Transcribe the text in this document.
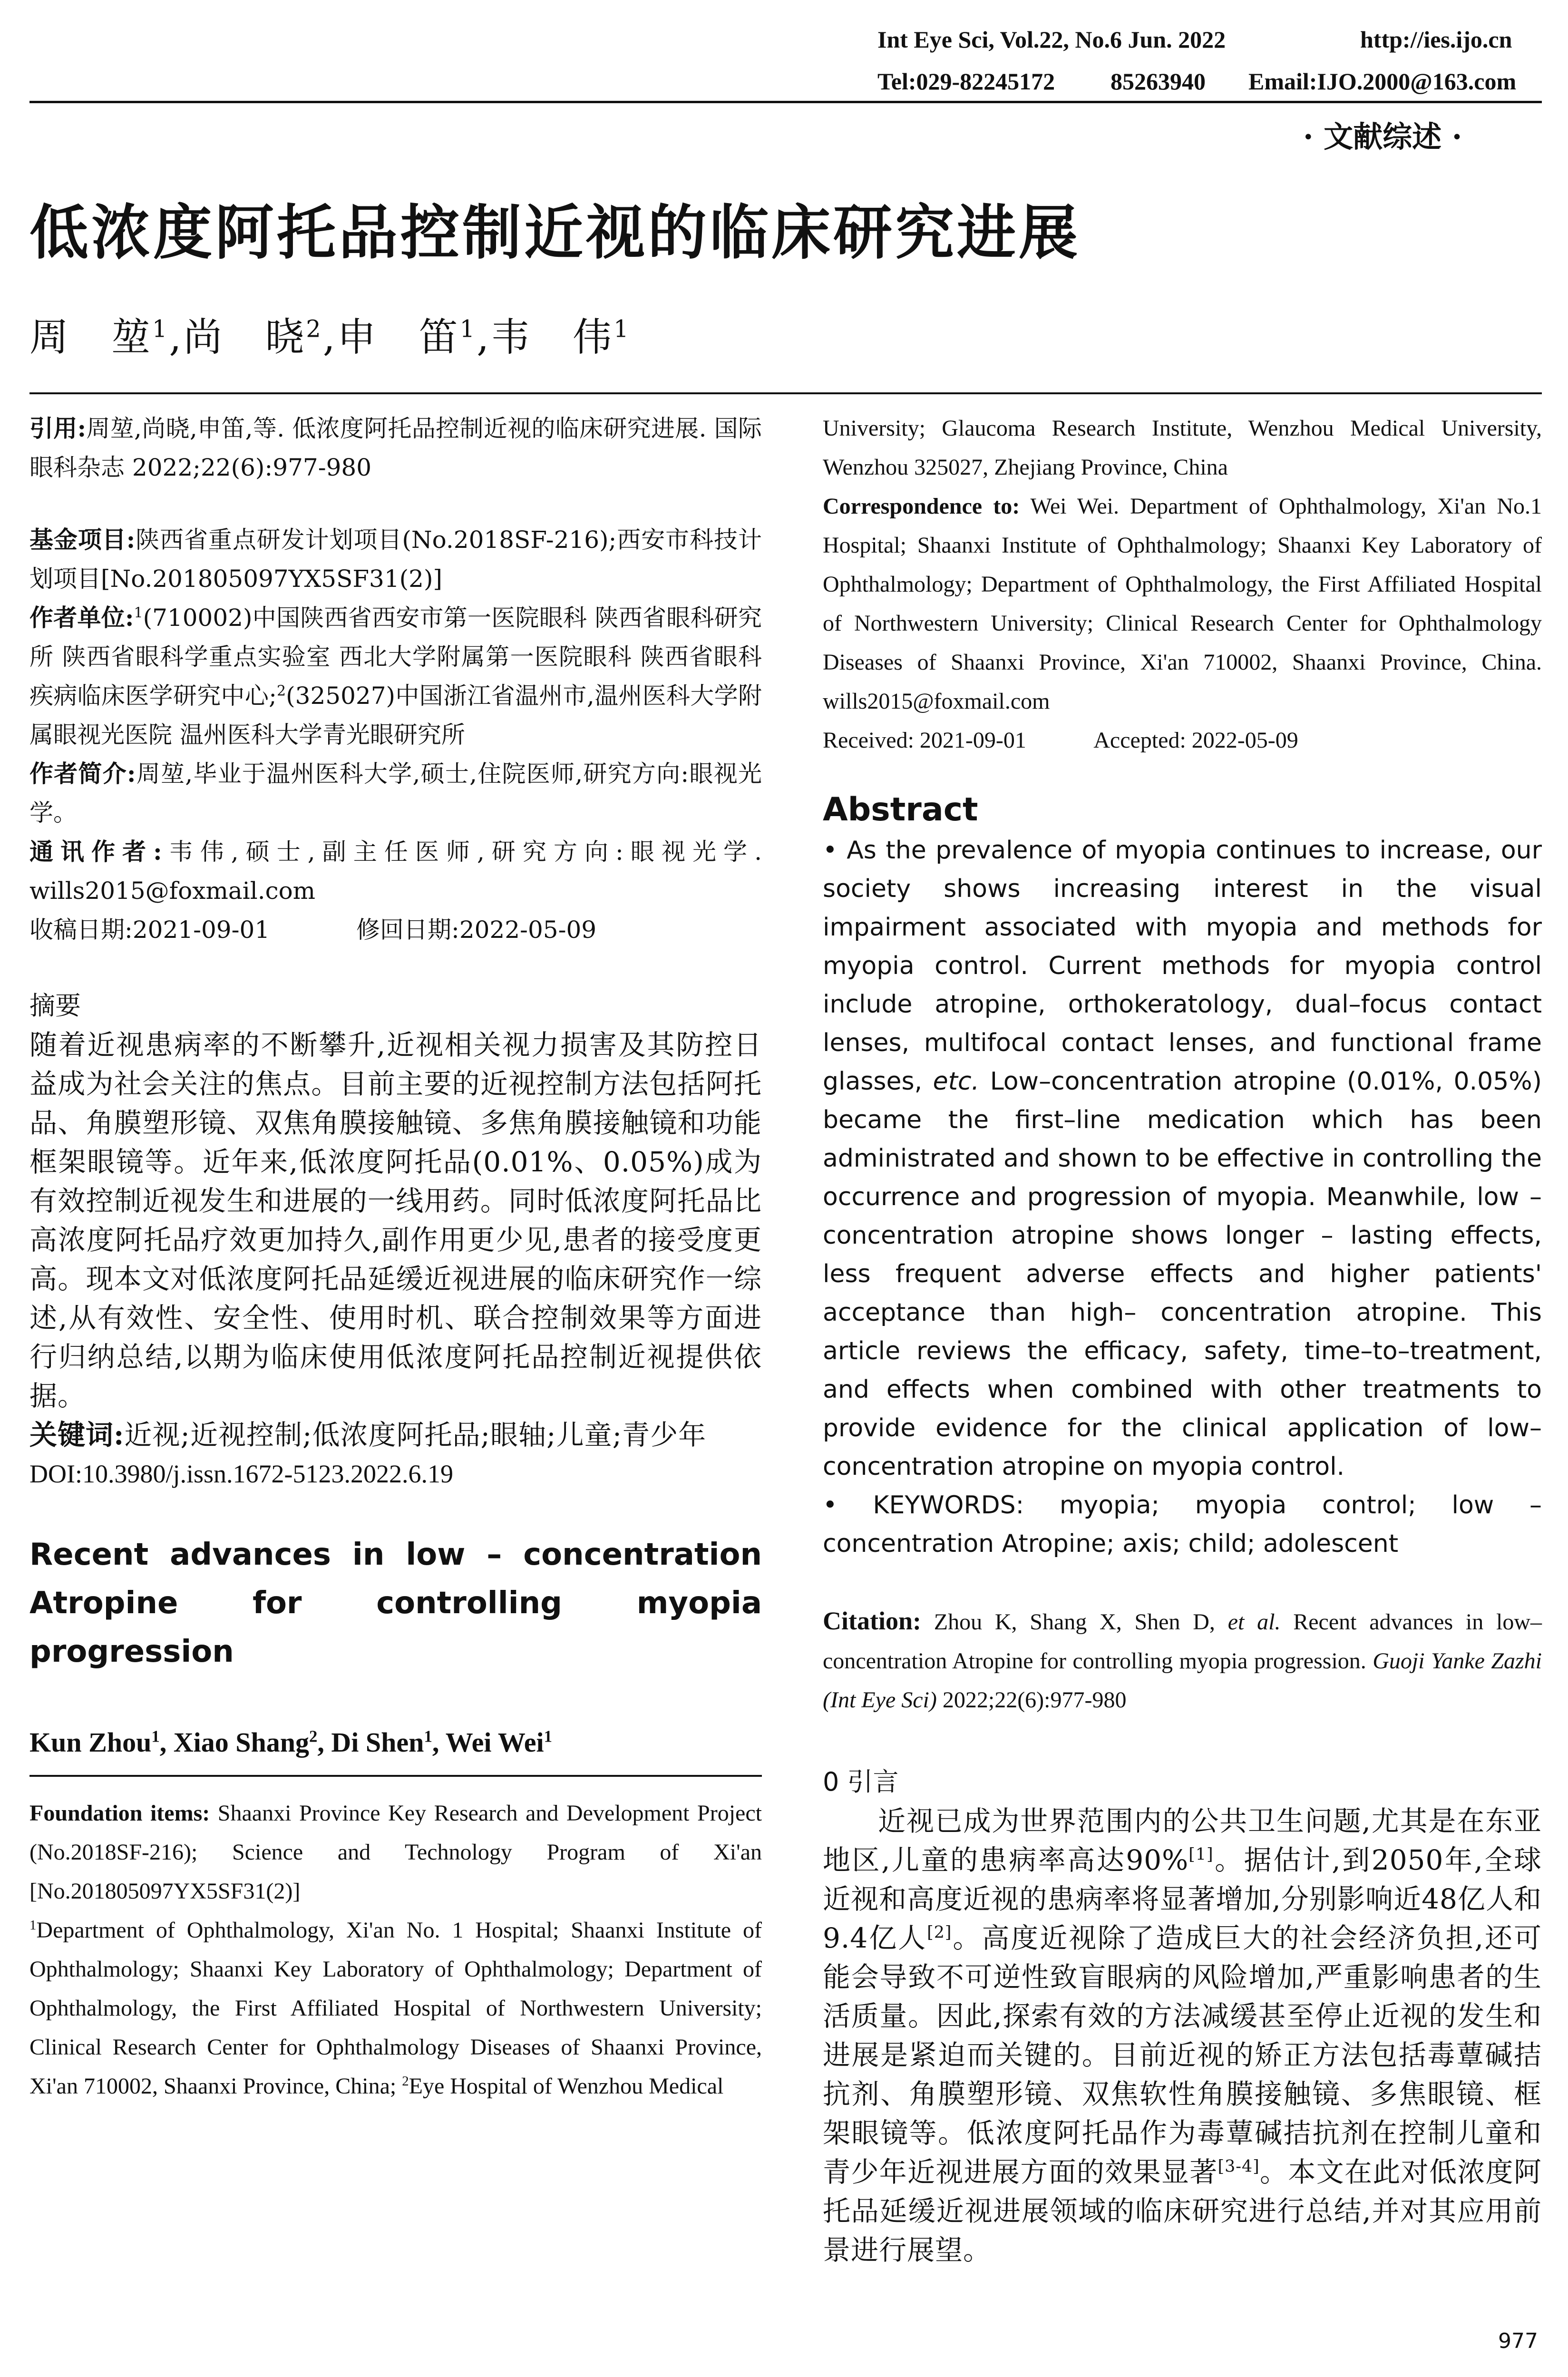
Int Eye Sci, Vol.22, No.6 Jun. 2022	http://ies.ijo.cn
Tel:029-82245172 85263940 Email:IJO.2000@163.com
· 文献综述 ·
低浓度阿托品控制近视的临床研究进展
周　堃$^1$,尚　晓$^2$,申　笛$^1$,韦　伟$^1$

引用:周堃,尚晓,申笛,等. 低浓度阿托品控制近视的临床研究进展. 国际眼科杂志 2022;22(6):977-980

基金项目:陕西省重点研发计划项目(No.2018SF-216);西安市科技计划项目[No.201805097YX5SF31(2)]

作者单位:$^1$(710002)中国陕西省西安市第一医院眼科 陕西省眼科研究所 陕西省眼科学重点实验室 西北大学附属第一医院眼科 陕西省眼科疾病临床医学研究中心;$^2$(325027)中国浙江省温州市,温州医科大学附属眼视光医院 温州医科大学青光眼研究所

作者简介:周堃,毕业于温州医科大学,硕士,住院医师,研究方向:眼视光学。

通讯作者:韦伟,硕士,副主任医师,研究方向:眼视光学. wills2015@foxmail.com

收稿日期:2021-09-01	修回日期:2022-05-09

摘要

随着近视患病率的不断攀升,近视相关视力损害及其防控日益成为社会关注的焦点。目前主要的近视控制方法包括阿托品、角膜塑形镜、双焦角膜接触镜、多焦角膜接触镜和功能框架眼镜等。近年来,低浓度阿托品(0.01%、0.05%)成为有效控制近视发生和进展的一线用药。同时低浓度阿托品比高浓度阿托品疗效更加持久,副作用更少见,患者的接受度更高。现本文对低浓度阿托品延缓近视进展的临床研究作一综述,从有效性、安全性、使用时机、联合控制效果等方面进行归纳总结,以期为临床使用低浓度阿托品控制近视提供依据。

关键词:近视;近视控制;低浓度阿托品;眼轴;儿童;青少年

DOI:10.3980/j.issn.1672-5123.2022.6.19

Recent advances in low – concentration Atropine for controlling myopia progression

Kun Zhou$^1$, Xiao Shang$^2$, Di Shen$^1$, Wei Wei$^1$

Foundation items: Shaanxi Province Key Research and Development Project (No.2018SF-216); Science and Technology Program of Xi'an [No.201805097YX5SF31(2)]

$^1$Department of Ophthalmology, Xi'an No. 1 Hospital; Shaanxi Institute of Ophthalmology; Shaanxi Key Laboratory of Ophthalmology; Department of Ophthalmology, the First Affiliated Hospital of Northwestern University; Clinical Research Center for Ophthalmology Diseases of Shaanxi Province, Xi'an 710002, Shaanxi Province, China; $^2$Eye Hospital of Wenzhou Medical

University; Glaucoma Research Institute, Wenzhou Medical University, Wenzhou 325027, Zhejiang Province, China

Correspondence to: Wei Wei. Department of Ophthalmology, Xi'an No.1 Hospital; Shaanxi Institute of Ophthalmology; Shaanxi Key Laboratory of Ophthalmology; Department of Ophthalmology, the First Affiliated Hospital of Northwestern University; Clinical Research Center for Ophthalmology Diseases of Shaanxi Province, Xi'an 710002, Shaanxi Province, China. wills2015@foxmail.com

Received: 2021-09-01	Accepted: 2022-05-09

Abstract

• As the prevalence of myopia continues to increase, our society shows increasing interest in the visual impairment associated with myopia and methods for myopia control. Current methods for myopia control include atropine, orthokeratology, dual–focus contact lenses, multifocal contact lenses, and functional frame glasses, etc. Low–concentration atropine (0.01%, 0.05%) became the first–line medication which has been administrated and shown to be effective in controlling the occurrence and progression of myopia. Meanwhile, low – concentration atropine shows longer – lasting effects, less frequent adverse effects and higher patients' acceptance than high– concentration atropine. This article reviews the efficacy, safety, time–to–treatment, and effects when combined with other treatments to provide evidence for the clinical application of low–concentration atropine on myopia control.

• KEYWORDS: myopia; myopia control; low – concentration Atropine; axis; child; adolescent

Citation: Zhou K, Shang X, Shen D, et al. Recent advances in low–concentration Atropine for controlling myopia progression. Guoji Yanke Zazhi (Int Eye Sci) 2022;22(6):977-980

0 引言

近视已成为世界范围内的公共卫生问题,尤其是在东亚地区,儿童的患病率高达90%[1]。据估计,到2050年,全球近视和高度近视的患病率将显著增加,分别影响近48亿人和9.4亿人[2]。高度近视除了造成巨大的社会经济负担,还可能会导致不可逆性致盲眼病的风险增加,严重影响患者的生活质量。因此,探索有效的方法减缓甚至停止近视的发生和进展是紧迫而关键的。目前近视的矫正方法包括毒蕈碱拮抗剂、角膜塑形镜、双焦软性角膜接触镜、多焦眼镜、框架眼镜等。低浓度阿托品作为毒蕈碱拮抗剂在控制儿童和青少年近视进展方面的效果显著[3-4]。本文在此对低浓度阿托品延缓近视进展领域的临床研究进行总结,并对其应用前景进行展望。

977
